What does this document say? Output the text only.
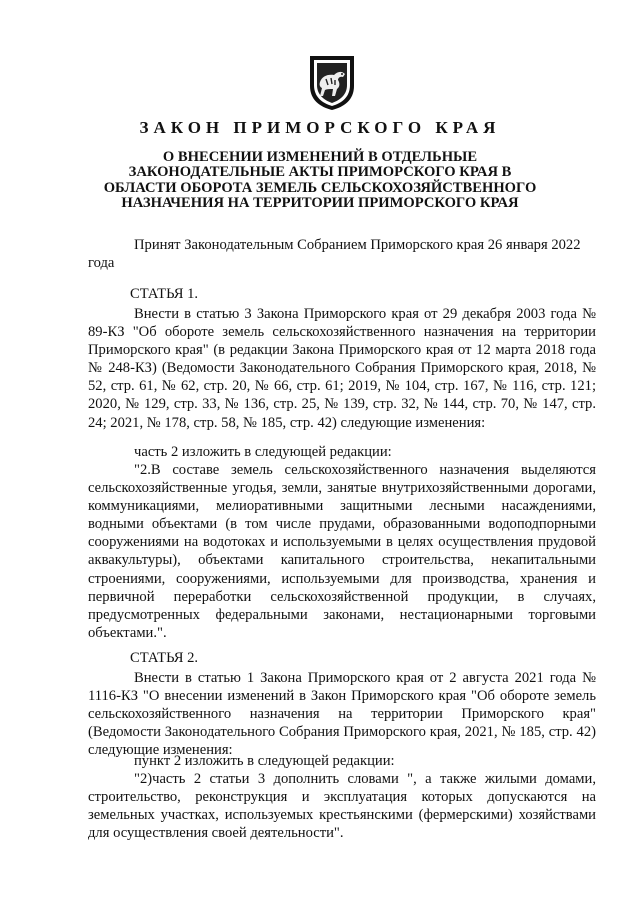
ЗАКОН ПРИМОРСКОГО КРАЯ
О ВНЕСЕНИИ ИЗМЕНЕНИЙ В ОТДЕЛЬНЫЕ ЗАКОНОДАТЕЛЬНЫЕ АКТЫ ПРИМОРСКОГО КРАЯ В ОБЛАСТИ ОБОРОТА ЗЕМЕЛЬ СЕЛЬСКОХОЗЯЙСТВЕННОГО НАЗНАЧЕНИЯ НА ТЕРРИТОРИИ ПРИМОРСКОГО КРАЯ
Принят Законодательным Собранием Приморского края 26 января 2022 года
СТАТЬЯ 1.
Внести в статью 3 Закона Приморского края от 29 декабря 2003 года № 89-КЗ "Об обороте земель сельскохозяйственного назначения на территории Приморского края" (в редакции Закона Приморского края от 12 марта 2018 года № 248-КЗ) (Ведомости Законодательного Собрания Приморского края, 2018, № 52, стр. 61, № 62, стр. 20, № 66, стр. 61; 2019, № 104, стр. 167, № 116, стр. 121; 2020, № 129, стр. 33, № 136, стр. 25, № 139, стр. 32, № 144, стр. 70, № 147, стр. 24; 2021, № 178, стр. 58, № 185, стр. 42) следующие изменения:
часть 2 изложить в следующей редакции:
"2.В составе земель сельскохозяйственного назначения выделяются сельскохозяйственные угодья, земли, занятые внутрихозяйственными дорогами, коммуникациями, мелиоративными защитными лесными насаждениями, водными объектами (в том числе прудами, образованными водоподпорными сооружениями на водотоках и используемыми в целях осуществления прудовой аквакультуры), объектами капитального строительства, некапитальными строениями, сооружениями, используемыми для производства, хранения и первичной переработки сельскохозяйственной продукции, в случаях, предусмотренных федеральными законами, нестационарными торговыми объектами.".
СТАТЬЯ 2.
Внести в статью 1 Закона Приморского края от 2 августа 2021 года № 1116-КЗ "О внесении изменений в Закон Приморского края "Об обороте земель сельскохозяйственного назначения на территории Приморского края" (Ведомости Законодательного Собрания Приморского края, 2021, № 185, стр. 42) следующие изменения:
пункт 2 изложить в следующей редакции:
"2)часть 2 статьи 3 дополнить словами ", а также жилыми домами, строительство, реконструкция и эксплуатация которых допускаются на земельных участках, используемых крестьянскими (фермерскими) хозяйствами для осуществления своей деятельности".
